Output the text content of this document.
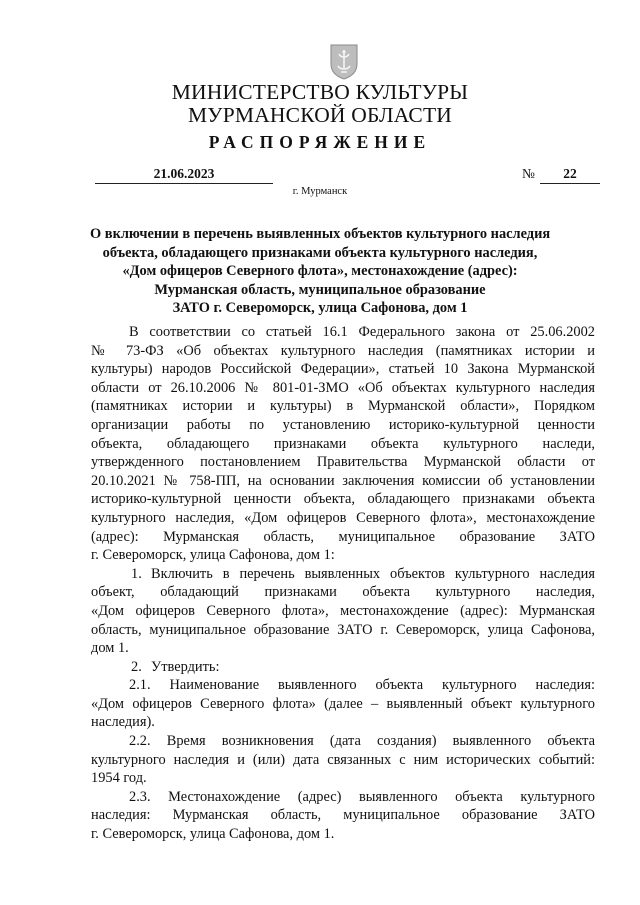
МИНИСТЕРСТВО КУЛЬТУРЫ
МУРМАНСКОЙ ОБЛАСТИ
РАСПОРЯЖЕНИЕ
21.06.2023	№	22
г. Мурманск
О включении в перечень выявленных объектов культурного наследия
объекта, обладающего признаками объекта культурного наследия,
«Дом офицеров Северного флота», местонахождение (адрес):
Мурманская область, муниципальное образование
ЗАТО г. Североморск, улица Сафонова, дом 1
В соответствии со статьей 16.1 Федерального закона от 25.06.2002
№ 73-ФЗ «Об объектах культурного наследия (памятниках истории и
культуры) народов Российской Федерации», статьей 10 Закона Мурманской
области от 26.10.2006 № 801-01-ЗМО «Об объектах культурного наследия
(памятниках истории и культуры) в Мурманской области», Порядком
организации работы по установлению историко-культурной ценности
объекта, обладающего признаками объекта культурного наследи,
утвержденного постановлением Правительства Мурманской области от
20.10.2021 № 758-ПП, на основании заключения комиссии об установлении
историко-культурной ценности объекта, обладающего признаками объекта
культурного наследия, «Дом офицеров Северного флота», местонахождение
(адрес): Мурманская область, муниципальное образование ЗАТО
г. Североморск, улица Сафонова, дом 1:
1. Включить в перечень выявленных объектов культурного наследия
объект, обладающий признаками объекта культурного наследия,
«Дом офицеров Северного флота», местонахождение (адрес): Мурманская
область, муниципальное образование ЗАТО г. Североморск, улица Сафонова,
дом 1.
2. Утвердить:
2.1. Наименование выявленного объекта культурного наследия:
«Дом офицеров Северного флота» (далее – выявленный объект культурного
наследия).
2.2. Время возникновения (дата создания) выявленного объекта
культурного наследия и (или) дата связанных с ним исторических событий:
1954 год.
2.3. Местонахождение (адрес) выявленного объекта культурного
наследия: Мурманская область, муниципальное образование ЗАТО
г. Североморск, улица Сафонова, дом 1.
